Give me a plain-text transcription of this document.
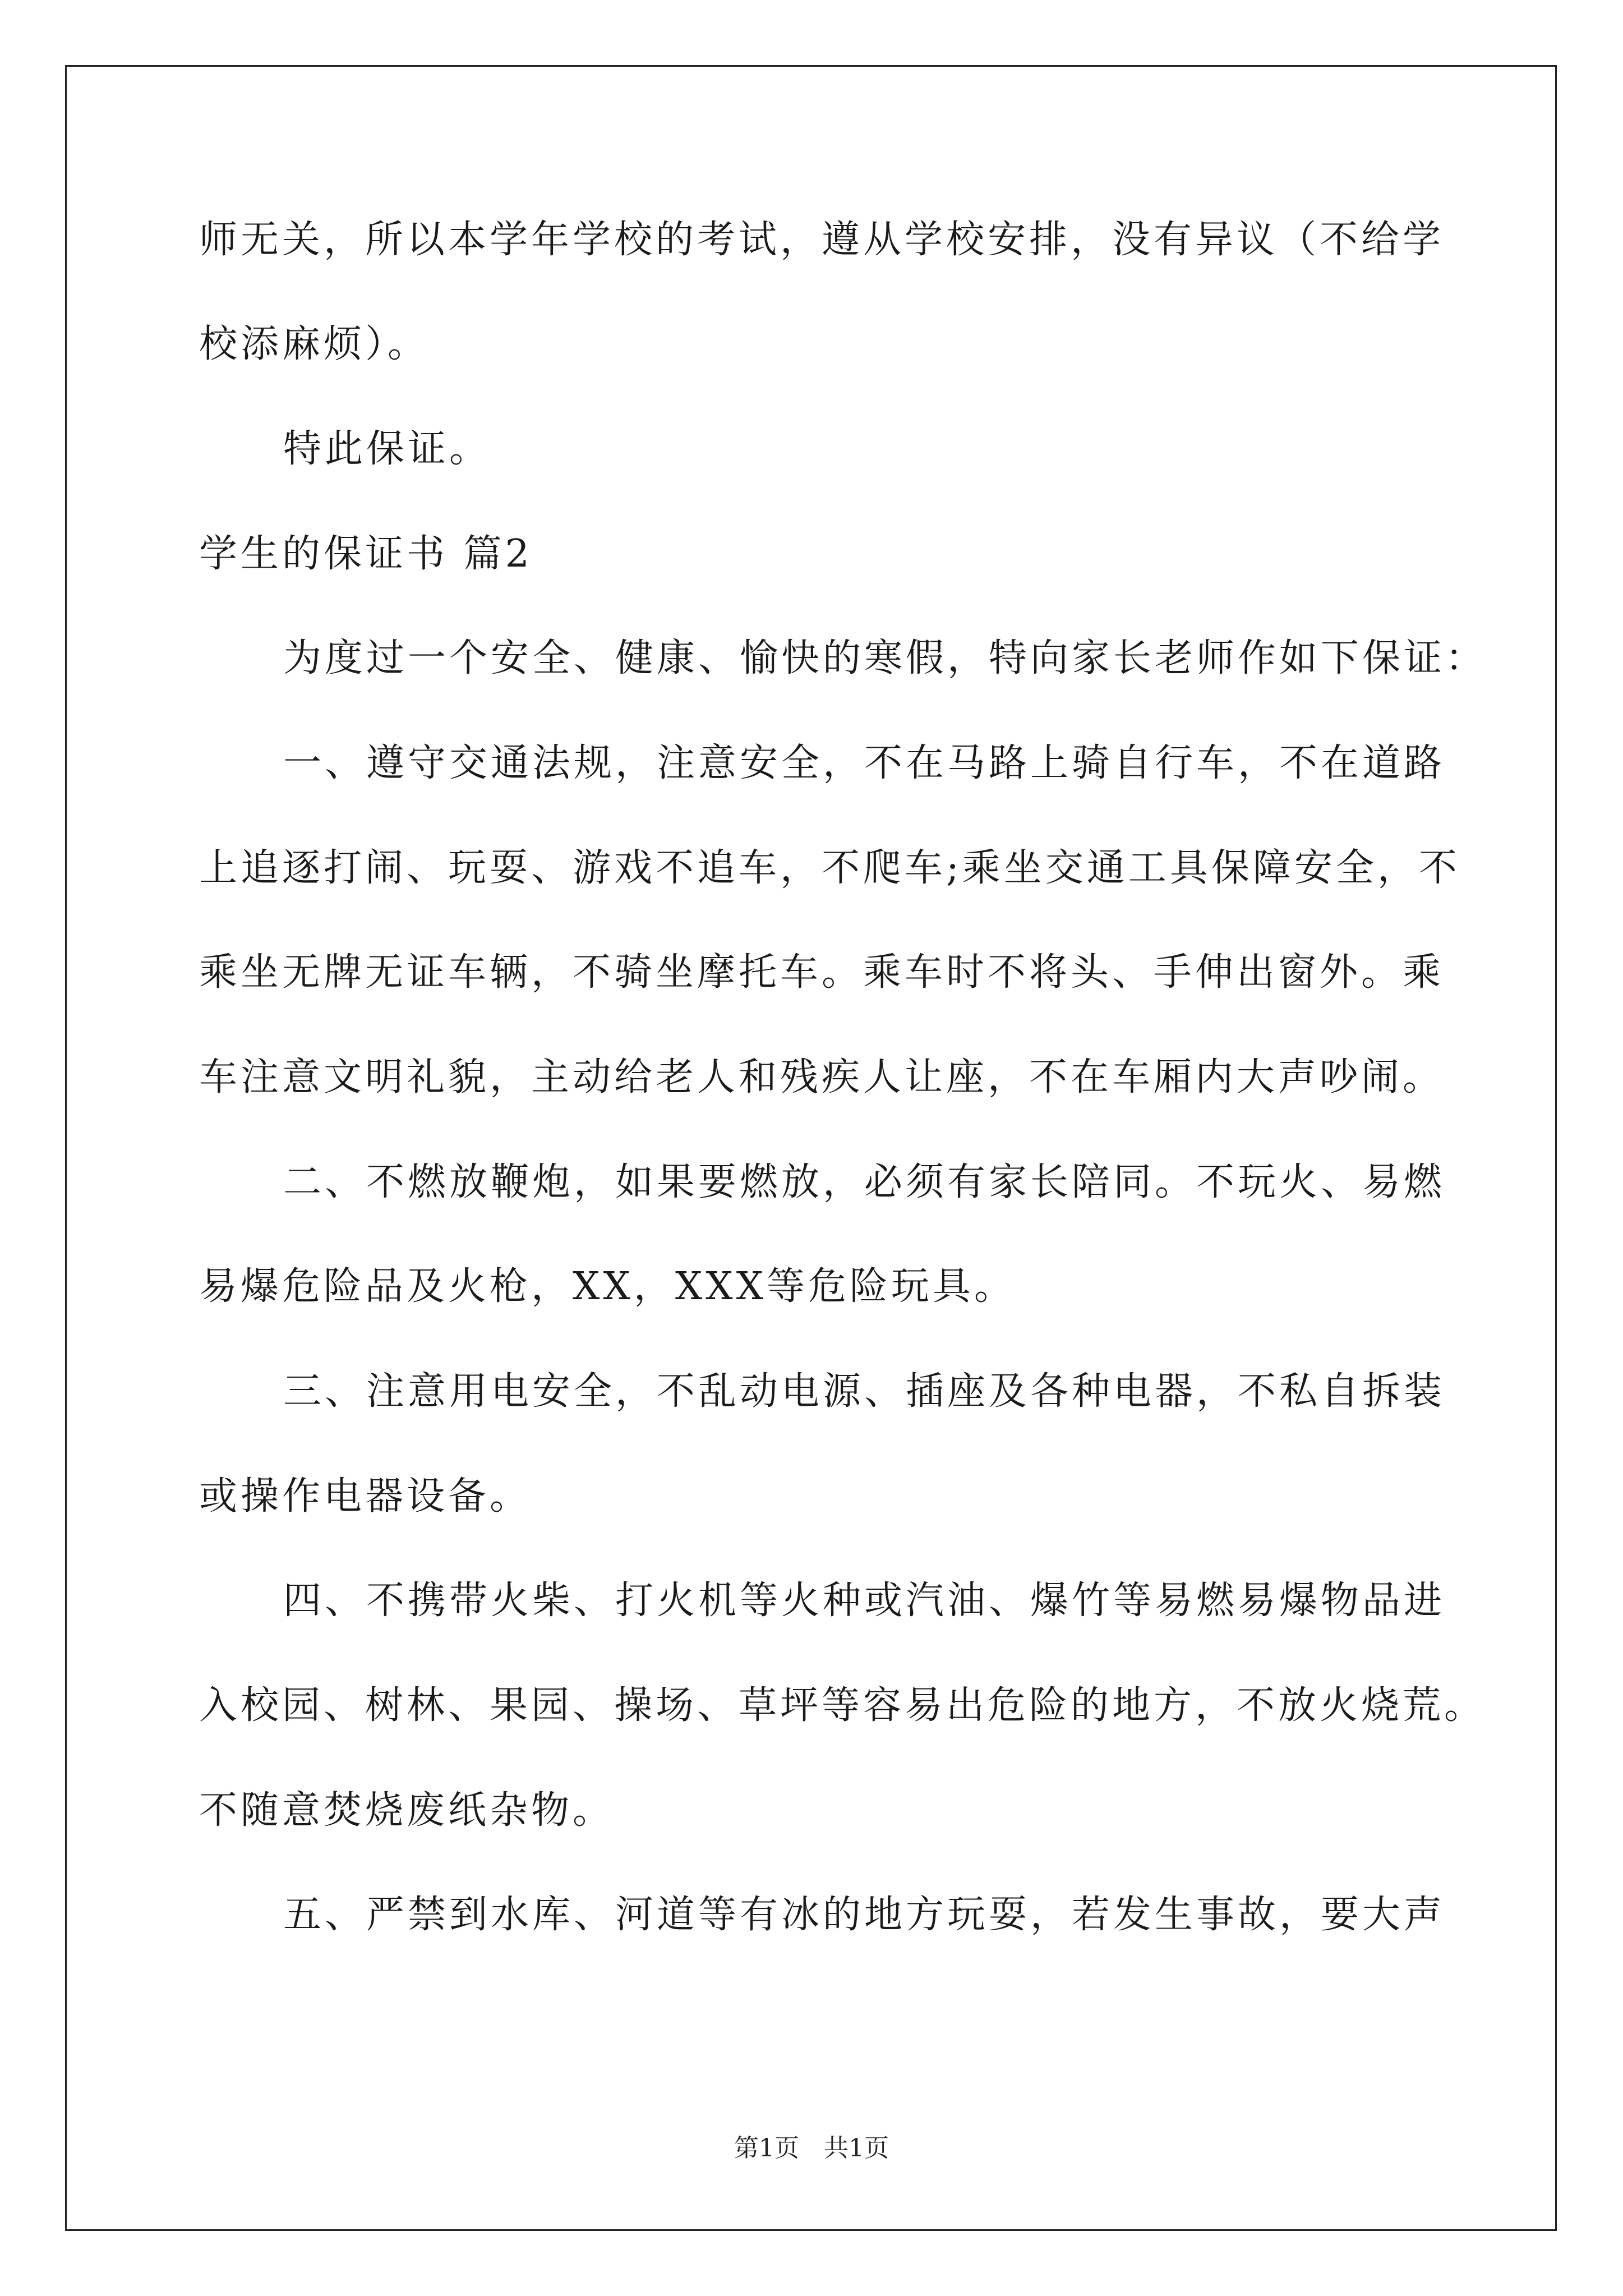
师无关，所以本学年学校的考试，遵从学校安排，没有异议（不给学
校添麻烦）。
特此保证。
学生的保证书 篇2
为度过一个安全、健康、愉快的寒假，特向家长老师作如下保证：
一、遵守交通法规，注意安全，不在马路上骑自行车，不在道路
上追逐打闹、玩耍、游戏不追车，不爬车;乘坐交通工具保障安全，不
乘坐无牌无证车辆，不骑坐摩托车。乘车时不将头、手伸出窗外。乘
车注意文明礼貌，主动给老人和残疾人让座，不在车厢内大声吵闹。
二、不燃放鞭炮，如果要燃放，必须有家长陪同。不玩火、易燃
易爆危险品及火枪，XX，XXX等危险玩具。
三、注意用电安全，不乱动电源、插座及各种电器，不私自拆装
或操作电器设备。
四、不携带火柴、打火机等火种或汽油、爆竹等易燃易爆物品进
入校园、树林、果园、操场、草坪等容易出危险的地方，不放火烧荒。
不随意焚烧废纸杂物。
五、严禁到水库、河道等有冰的地方玩耍，若发生事故，要大声
第1页　共1页
